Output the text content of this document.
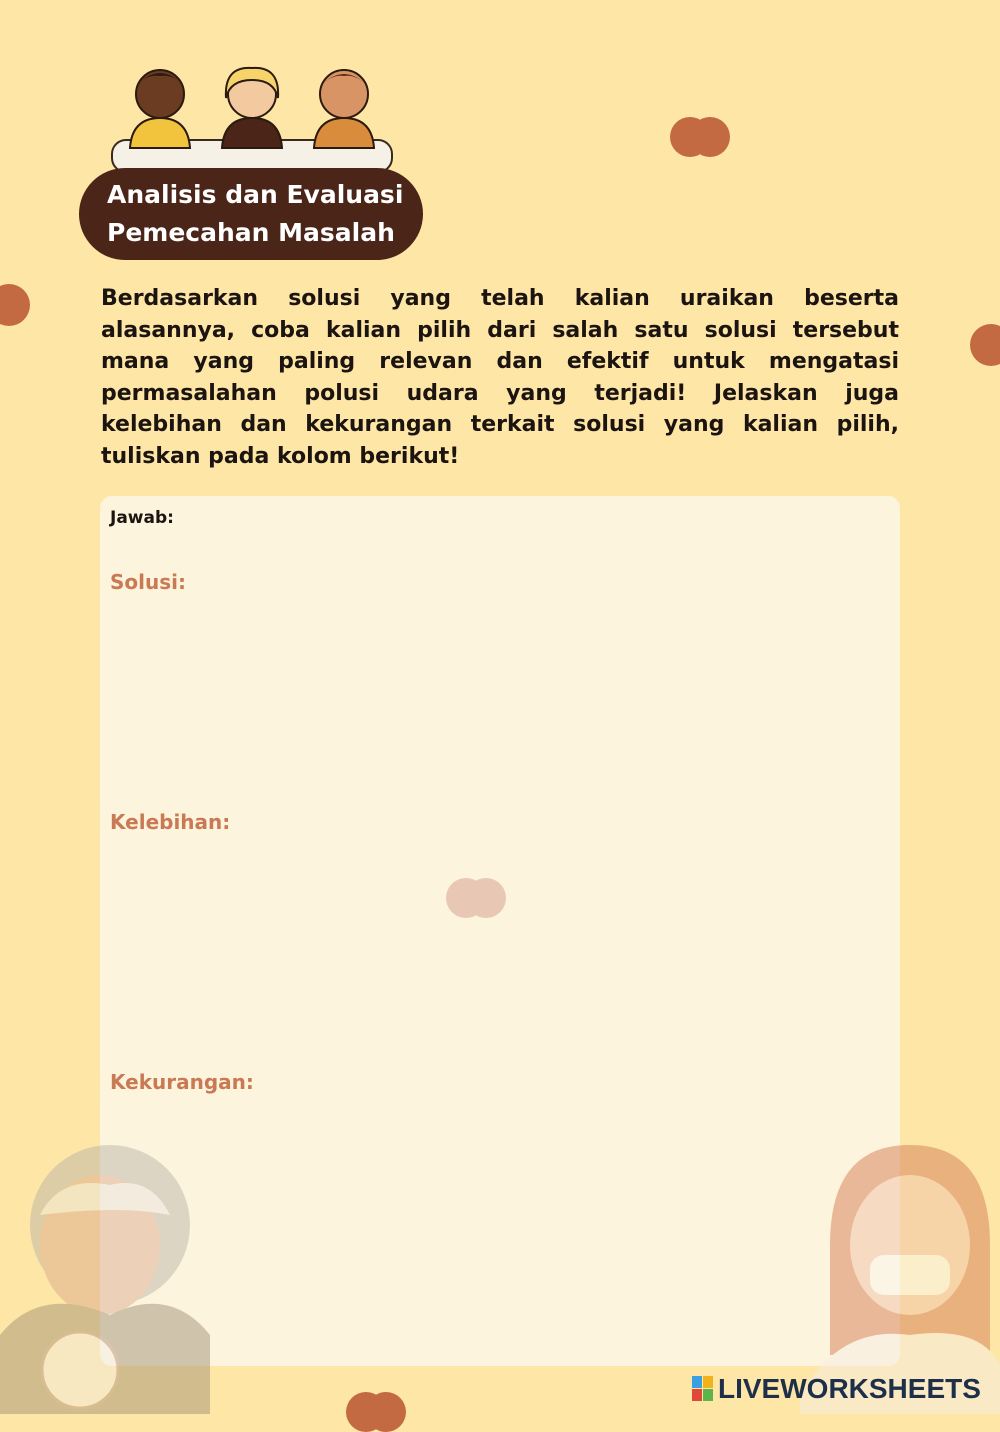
Analisis dan Evaluasi
Pemecahan Masalah

Berdasarkan solusi yang telah kalian uraikan beserta alasannya, coba kalian pilih dari salah satu solusi tersebut mana yang paling relevan dan efektif untuk mengatasi permasalahan polusi udara yang terjadi! Jelaskan juga kelebihan dan kekurangan terkait solusi yang kalian pilih, tuliskan pada kolom berikut!

Jawab:
Solusi:
Kelebihan:
Kekurangan:
LIVEWORKSHEETS
